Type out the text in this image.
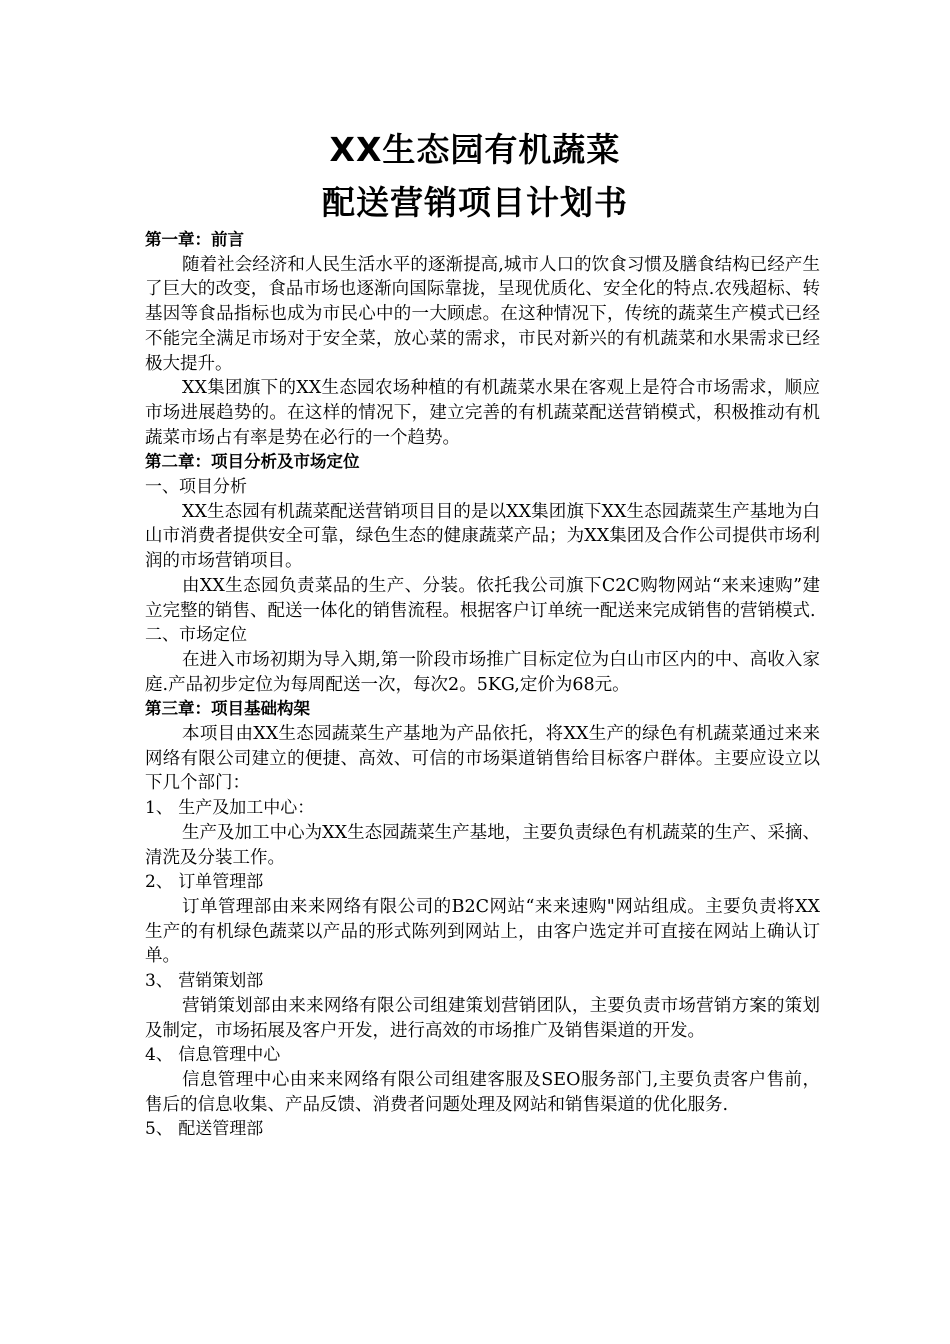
XX生态园有机蔬菜
配送营销项目计划书
第一章：前言

随着社会经济和人民生活水平的逐渐提高,城市人口的饮食习惯及膳食结构已经产生了巨大的改变，食品市场也逐渐向国际靠拢，呈现优质化、安全化的特点.农残超标、转基因等食品指标也成为市民心中的一大顾虑。在这种情况下，传统的蔬菜生产模式已经不能完全满足市场对于安全菜，放心菜的需求，市民对新兴的有机蔬菜和水果需求已经极大提升。

XX集团旗下的XX生态园农场种植的有机蔬菜水果在客观上是符合市场需求，顺应市场进展趋势的。在这样的情况下，建立完善的有机蔬菜配送营销模式，积极推动有机蔬菜市场占有率是势在必行的一个趋势。

第二章：项目分析及市场定位
一、项目分析

XX生态园有机蔬菜配送营销项目目的是以XX集团旗下XX生态园蔬菜生产基地为白山市消费者提供安全可靠，绿色生态的健康蔬菜产品；为XX集团及合作公司提供市场利润的市场营销项目。

由XX生态园负责菜品的生产、分装。依托我公司旗下C2C购物网站“来来速购”建立完整的销售、配送一体化的销售流程。根据客户订单统一配送来完成销售的营销模式.

二、市场定位

在进入市场初期为导入期,第一阶段市场推广目标定位为白山市区内的中、高收入家庭.产品初步定位为每周配送一次，每次2。5KG,定价为68元。

第三章：项目基础构架

本项目由XX生态园蔬菜生产基地为产品依托，将XX生产的绿色有机蔬菜通过来来网络有限公司建立的便捷、高效、可信的市场渠道销售给目标客户群体。主要应设立以下几个部门：

1、 生产及加工中心：

生产及加工中心为XX生态园蔬菜生产基地，主要负责绿色有机蔬菜的生产、采摘、清洗及分装工作。

2、 订单管理部

订单管理部由来来网络有限公司的B2C网站“来来速购"网站组成。主要负责将XX生产的有机绿色蔬菜以产品的形式陈列到网站上，由客户选定并可直接在网站上确认订单。

3、 营销策划部

营销策划部由来来网络有限公司组建策划营销团队，主要负责市场营销方案的策划及制定，市场拓展及客户开发，进行高效的市场推广及销售渠道的开发。

4、 信息管理中心

信息管理中心由来来网络有限公司组建客服及SEO服务部门,主要负责客户售前，售后的信息收集、产品反馈、消费者问题处理及网站和销售渠道的优化服务.

5、 配送管理部
